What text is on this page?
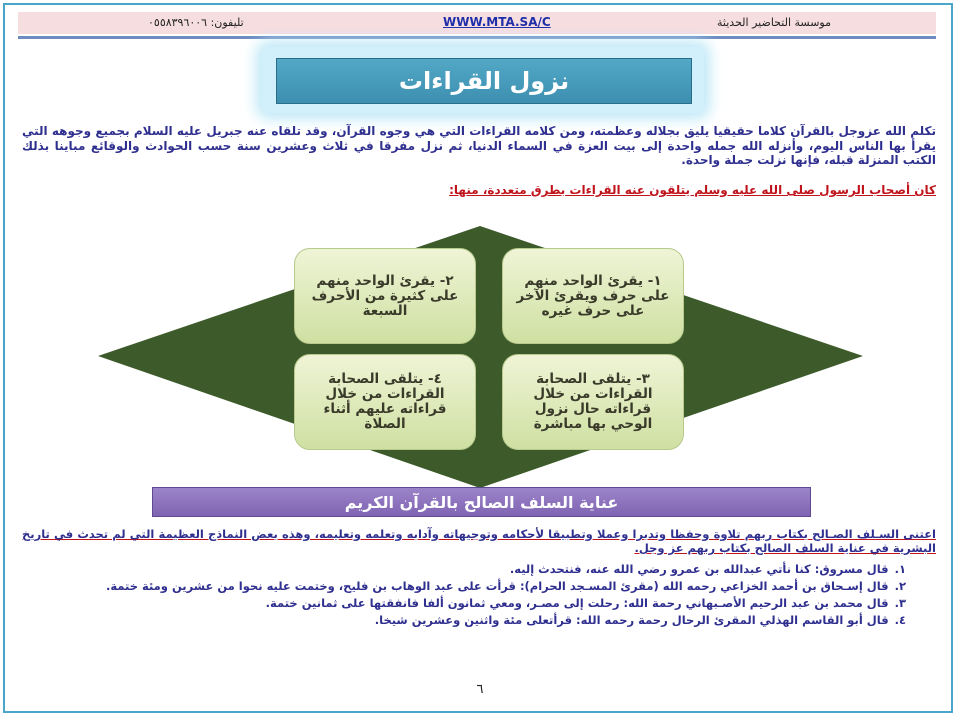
موسسة التحاضير الحديثة
WWW.MTA.SA/C
تليفون: ٠٥٥٨٣٩٦٠٠٦
نزول القراءات
تكلم الله عزوجل بالقرآن كلاما حقيقيا يليق بجلاله وعظمته، ومن كلامه القراءات التي هي وجوه القرآن، وقد تلقاه عنه جبريل عليه السلام بجميع وجوهه التي يقرأ بها الناس اليوم، وأنزله الله جمله واحدة إلى بيت العزة في السماء الدنيا، ثم نزل مفرقا في ثلاث وعشرين سنة حسب الحوادث والوقائع مباينا بذلك الكتب المنزلة قبله، فإنها نزلت جملة واحدة.
كان أصحاب الرسول صلى الله عليه وسلم يتلقون عنه القراءات بطرق متعددة، منها:
١- يقرئ الواحد منهم على حرف ويقرئ الآخر على حرف غيره
٢- يقرئ الواحد منهم على كثيرة من الأحرف السبعة
٣- يتلقى الصحابة القراءات من خلال قراءاته حال نزول الوحي بها مباشرة
٤- يتلقى الصحابة القراءات من خلال قراءاته عليهم أثناء الصلاة
عناية السلف الصالح بالقرآن الكريم
اعتنى السـلف الصـالح بكتاب ربهم تلاوة وحفظا وتدبرا وعملا وتطبيقا لأحكامه وتوجيهاته وآدابه وتعلمه وتعليمه، وهذه بعض النماذج العظيمة التي لم تحدث في تاريخ البشرية في عناية السلف الصالح بكتاب ربهم عز وجل.
١.
قال مسروق: كنا نأتي عبدالله بن عمرو رضي الله عنه، فنتحدث إليه.
٢.
قال إسـحاق بن أحمد الخزاعي رحمه الله (مقرئ المسـجد الحرام): قرأت على عبد الوهاب بن فليح، وختمت عليه نحوا من عشرين ومئة ختمة.
٣.
قال محمد بن عبد الرحيم الأصـبهاني رحمة الله: رحلت إلى مصـر، ومعي ثمانون ألفا فانفقتها على ثمانين ختمة.
٤.
قال أبو القاسم الهذلي المقرئ الرحال رحمة رحمه الله: قرأتعلى مئة واثنين وعشرين شيخا.
٦
